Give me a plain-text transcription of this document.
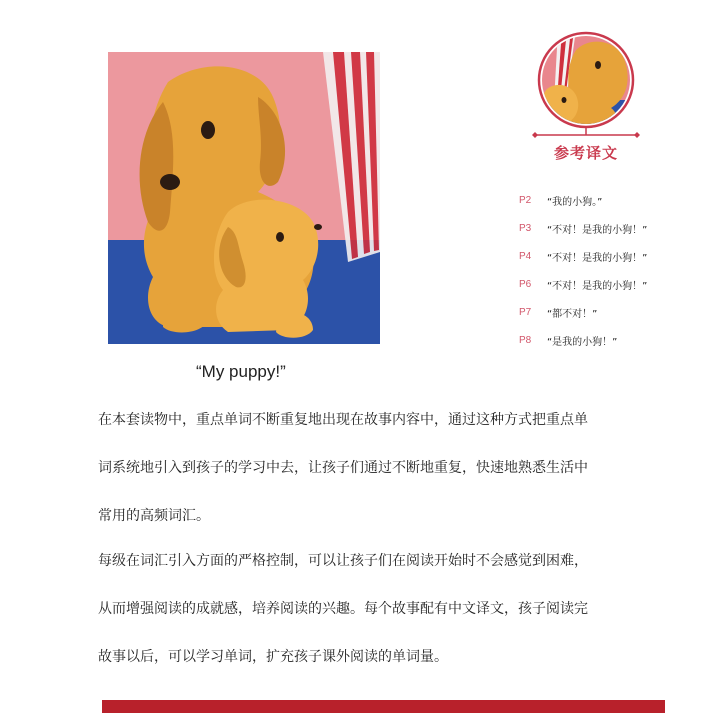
“My puppy!”
参考译文
P2	“我的小狗。”
P3	“不对！是我的小狗！”
P4	“不对！是我的小狗！”
P6	“不对！是我的小狗！”
P7	“都不对！”
P8	“是我的小狗！”

在本套读物中，重点单词不断重复地出现在故事内容中，通过这种方式把重点单
词系统地引入到孩子的学习中去，让孩子们通过不断地重复，快速地熟悉生活中
常用的高频词汇。

每级在词汇引入方面的严格控制，可以让孩子们在阅读开始时不会感觉到困难，
从而增强阅读的成就感，培养阅读的兴趣。每个故事配有中文译文，孩子阅读完
故事以后，可以学习单词，扩充孩子课外阅读的单词量。
